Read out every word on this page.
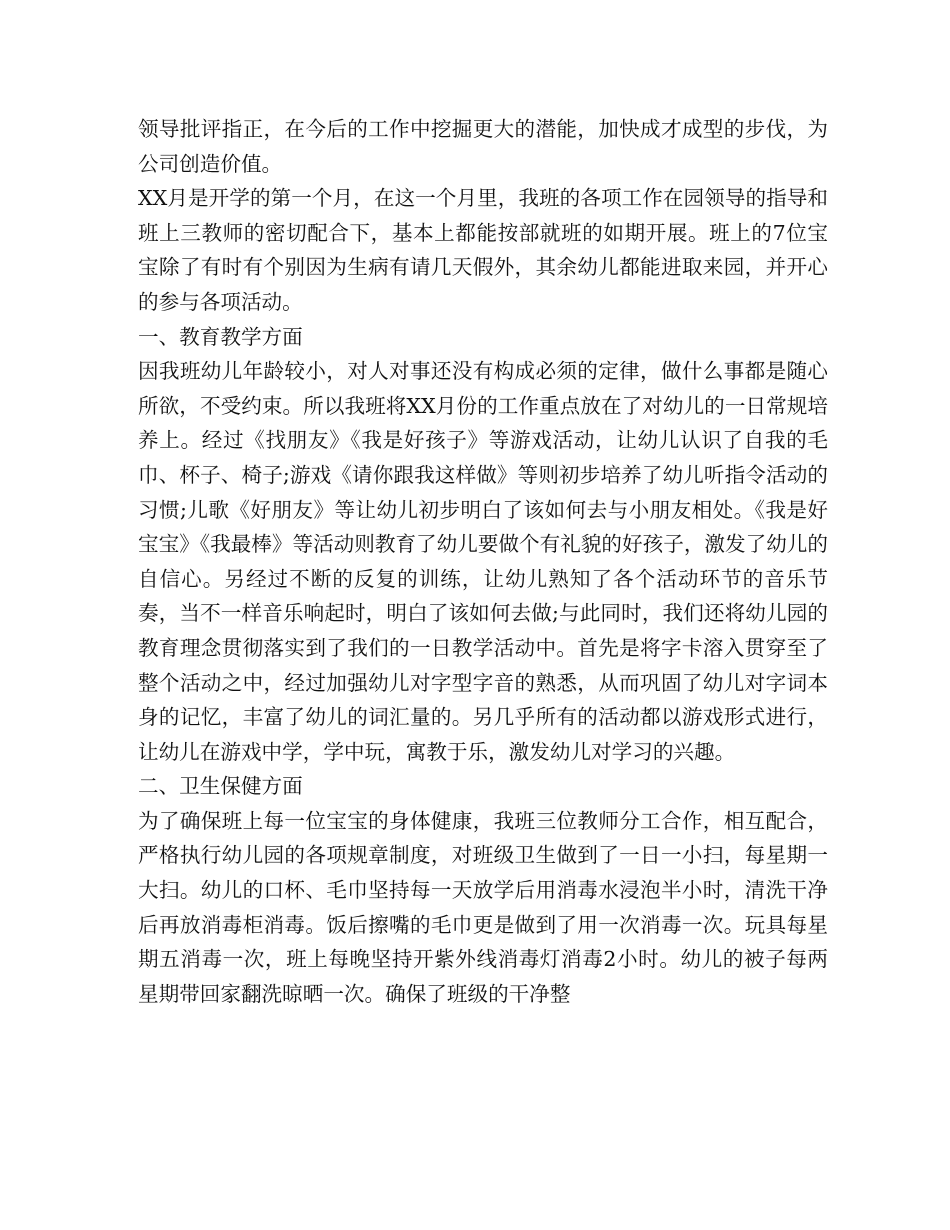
领导批评指正，在今后的工作中挖掘更大的潜能，加快成才成型的步伐，为公司创造价值。

XX月是开学的第一个月，在这一个月里，我班的各项工作在园领导的指导和班上三教师的密切配合下，基本上都能按部就班的如期开展。班上的7位宝宝除了有时有个别因为生病有请几天假外，其余幼儿都能进取来园，并开心的参与各项活动。

一、教育教学方面

因我班幼儿年龄较小，对人对事还没有构成必须的定律，做什么事都是随心所欲，不受约束。所以我班将XX月份的工作重点放在了对幼儿的一日常规培养上。经过《找朋友》《我是好孩子》等游戏活动，让幼儿认识了自我的毛巾、杯子、椅子;游戏《请你跟我这样做》等则初步培养了幼儿听指令活动的习惯;儿歌《好朋友》等让幼儿初步明白了该如何去与小朋友相处。《我是好宝宝》《我最棒》等活动则教育了幼儿要做个有礼貌的好孩子，激发了幼儿的自信心。另经过不断的反复的训练，让幼儿熟知了各个活动环节的音乐节奏，当不一样音乐响起时，明白了该如何去做;与此同时，我们还将幼儿园的教育理念贯彻落实到了我们的一日教学活动中。首先是将字卡溶入贯穿至了整个活动之中，经过加强幼儿对字型字音的熟悉，从而巩固了幼儿对字词本身的记忆，丰富了幼儿的词汇量的。另几乎所有的活动都以游戏形式进行，让幼儿在游戏中学，学中玩，寓教于乐，激发幼儿对学习的兴趣。

二、卫生保健方面

为了确保班上每一位宝宝的身体健康，我班三位教师分工合作，相互配合，严格执行幼儿园的各项规章制度，对班级卫生做到了一日一小扫，每星期一大扫。幼儿的口杯、毛巾坚持每一天放学后用消毒水浸泡半小时，清洗干净后再放消毒柜消毒。饭后擦嘴的毛巾更是做到了用一次消毒一次。玩具每星期五消毒一次，班上每晚坚持开紫外线消毒灯消毒2小时。幼儿的被子每两星期带回家翻洗晾晒一次。确保了班级的干净整
